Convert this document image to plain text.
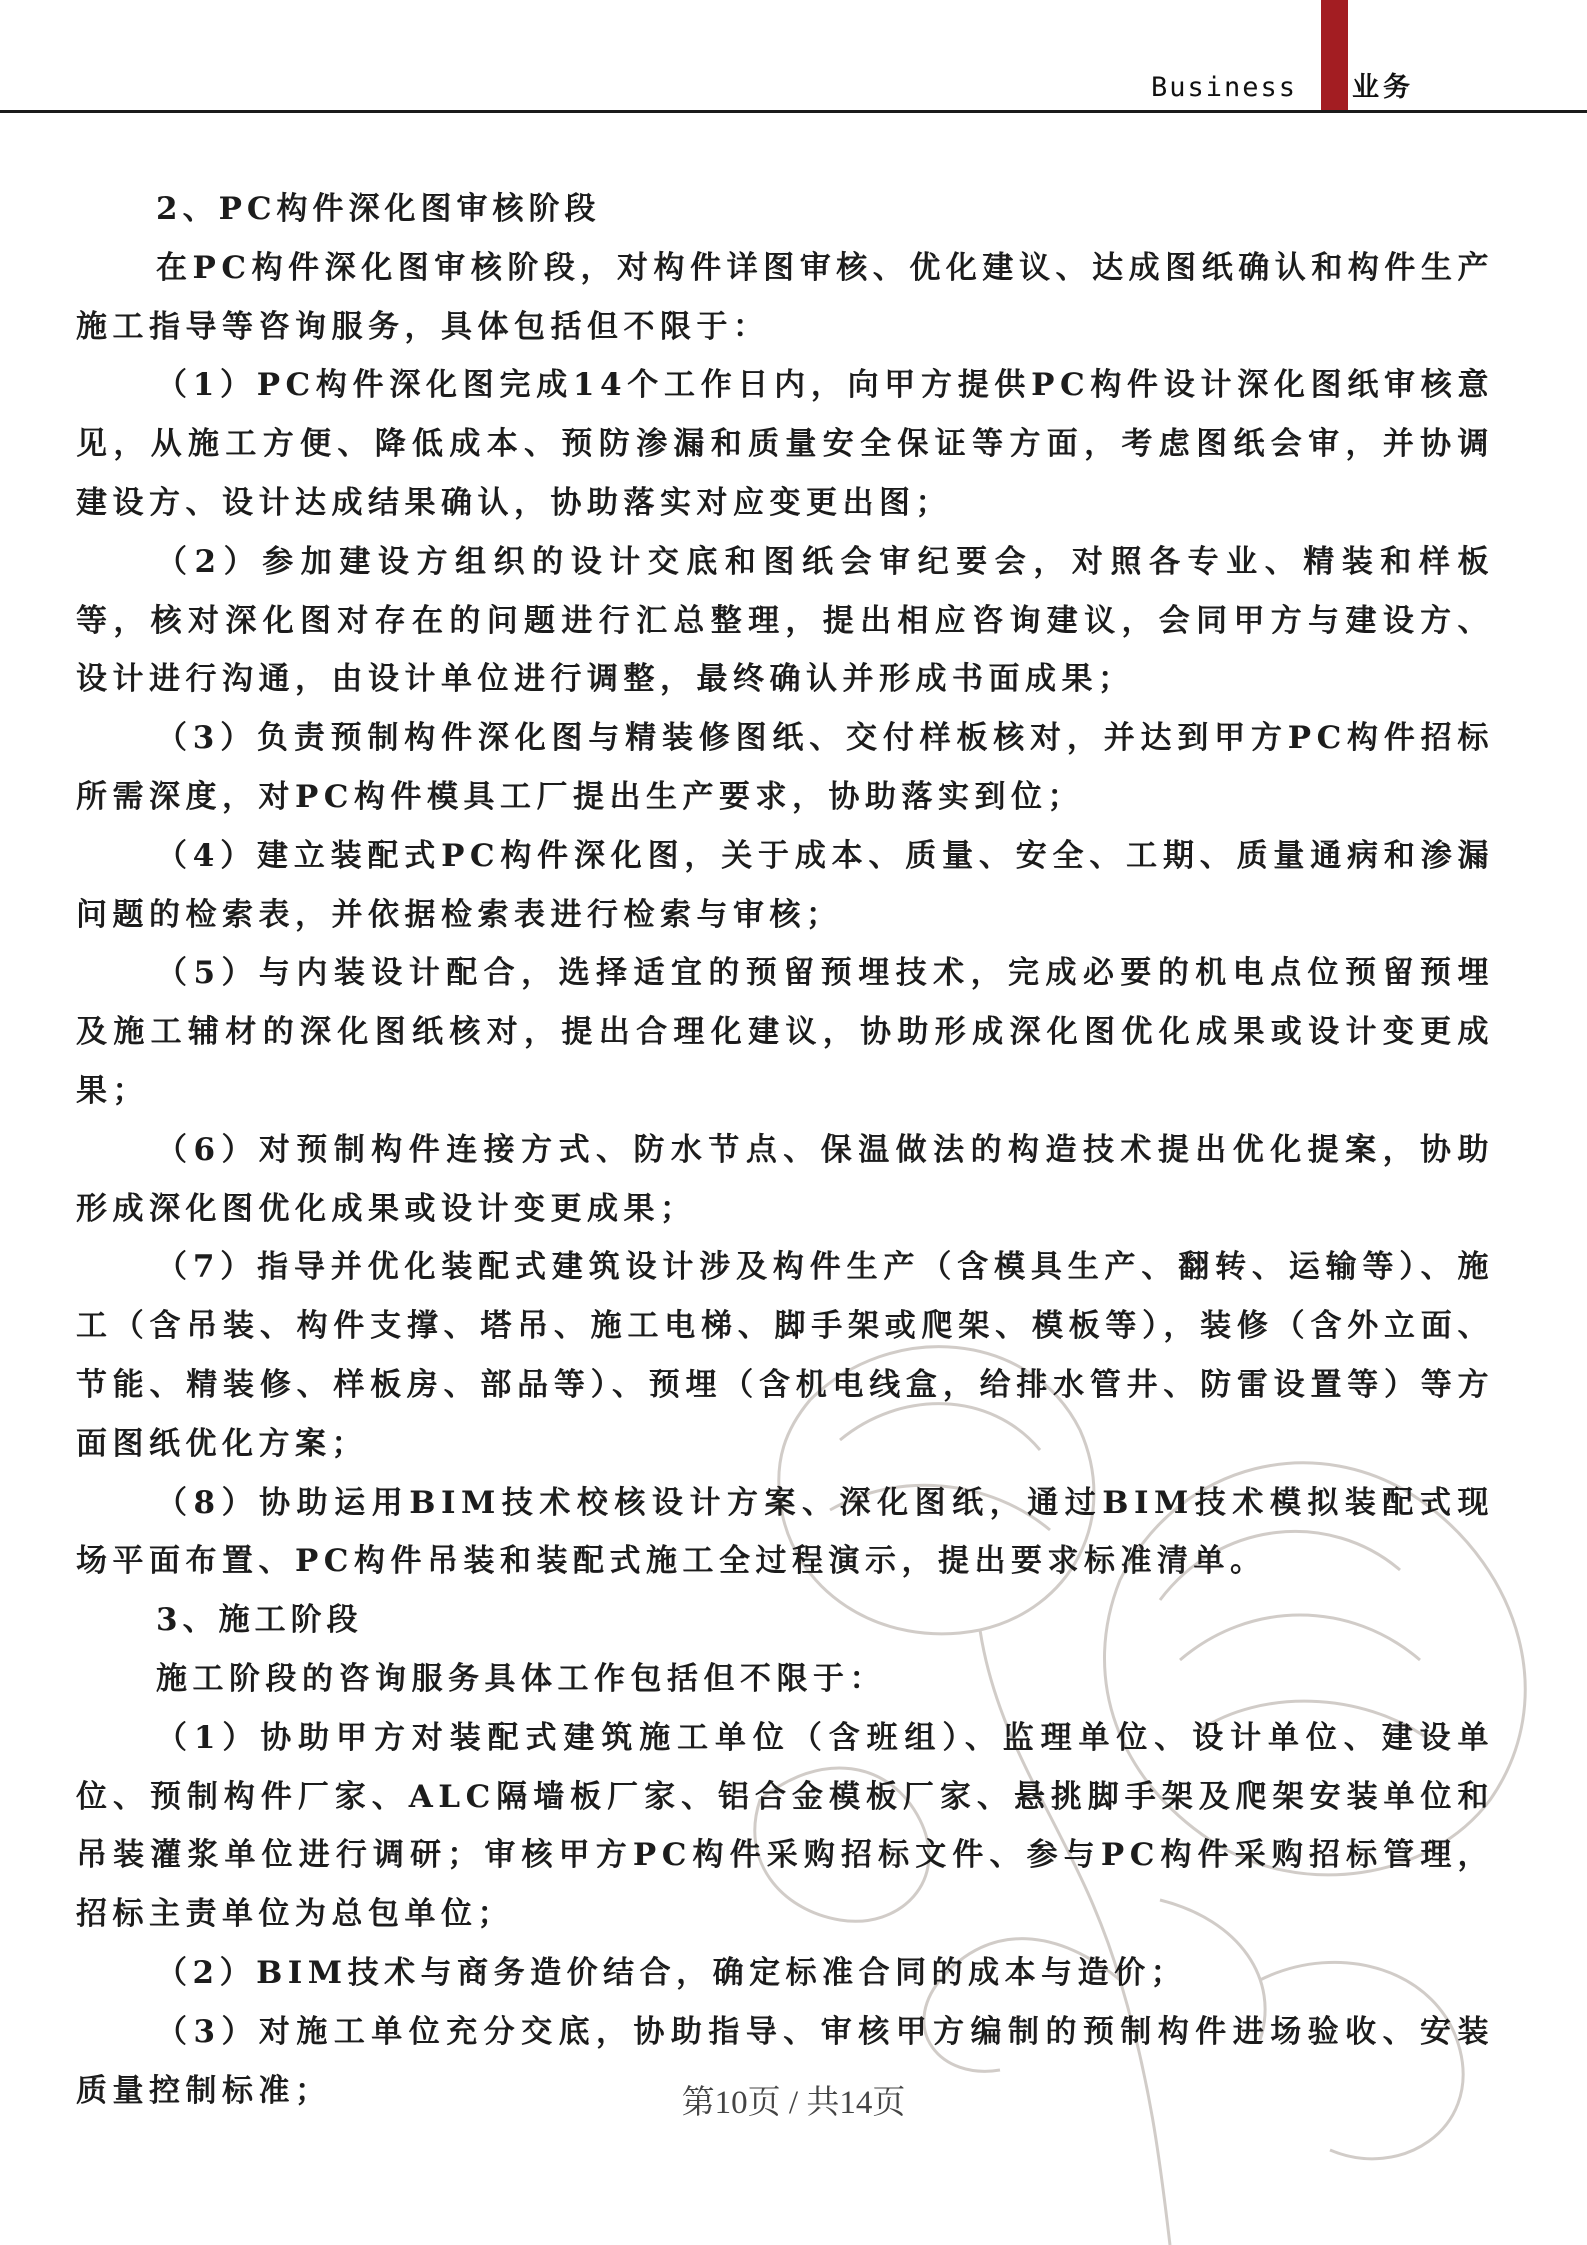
Business 业务

2、PC构件深化图审核阶段

在PC构件深化图审核阶段，对构件详图审核、优化建议、达成图纸确认和构件生产施工指导等咨询服务，具体包括但不限于：

（1）PC构件深化图完成14个工作日内，向甲方提供PC构件设计深化图纸审核意见，从施工方便、降低成本、预防渗漏和质量安全保证等方面，考虑图纸会审，并协调建设方、设计达成结果确认，协助落实对应变更出图；

（2）参加建设方组织的设计交底和图纸会审纪要会，对照各专业、精装和样板等，核对深化图对存在的问题进行汇总整理，提出相应咨询建议，会同甲方与建设方、设计进行沟通，由设计单位进行调整，最终确认并形成书面成果；

（3）负责预制构件深化图与精装修图纸、交付样板核对，并达到甲方PC构件招标所需深度，对PC构件模具工厂提出生产要求，协助落实到位；

（4）建立装配式PC构件深化图，关于成本、质量、安全、工期、质量通病和渗漏问题的检索表，并依据检索表进行检索与审核；

（5）与内装设计配合，选择适宜的预留预埋技术，完成必要的机电点位预留预埋及施工辅材的深化图纸核对，提出合理化建议，协助形成深化图优化成果或设计变更成果；

（6）对预制构件连接方式、防水节点、保温做法的构造技术提出优化提案，协助形成深化图优化成果或设计变更成果；

（7）指导并优化装配式建筑设计涉及构件生产（含模具生产、翻转、运输等）、施工（含吊装、构件支撑、塔吊、施工电梯、脚手架或爬架、模板等），装修（含外立面、节能、精装修、样板房、部品等）、预埋（含机电线盒，给排水管井、防雷设置等）等方面图纸优化方案；

（8）协助运用BIM技术校核设计方案、深化图纸，通过BIM技术模拟装配式现场平面布置、PC构件吊装和装配式施工全过程演示，提出要求标准清单。

3、施工阶段

施工阶段的咨询服务具体工作包括但不限于：

（1）协助甲方对装配式建筑施工单位（含班组）、监理单位、设计单位、建设单位、预制构件厂家、ALC隔墙板厂家、铝合金模板厂家、悬挑脚手架及爬架安装单位和吊装灌浆单位进行调研；审核甲方PC构件采购招标文件、参与PC构件采购招标管理，招标主责单位为总包单位；

（2）BIM技术与商务造价结合，确定标准合同的成本与造价；

（3）对施工单位充分交底，协助指导、审核甲方编制的预制构件进场验收、安装质量控制标准；	第10页 / 共14页
